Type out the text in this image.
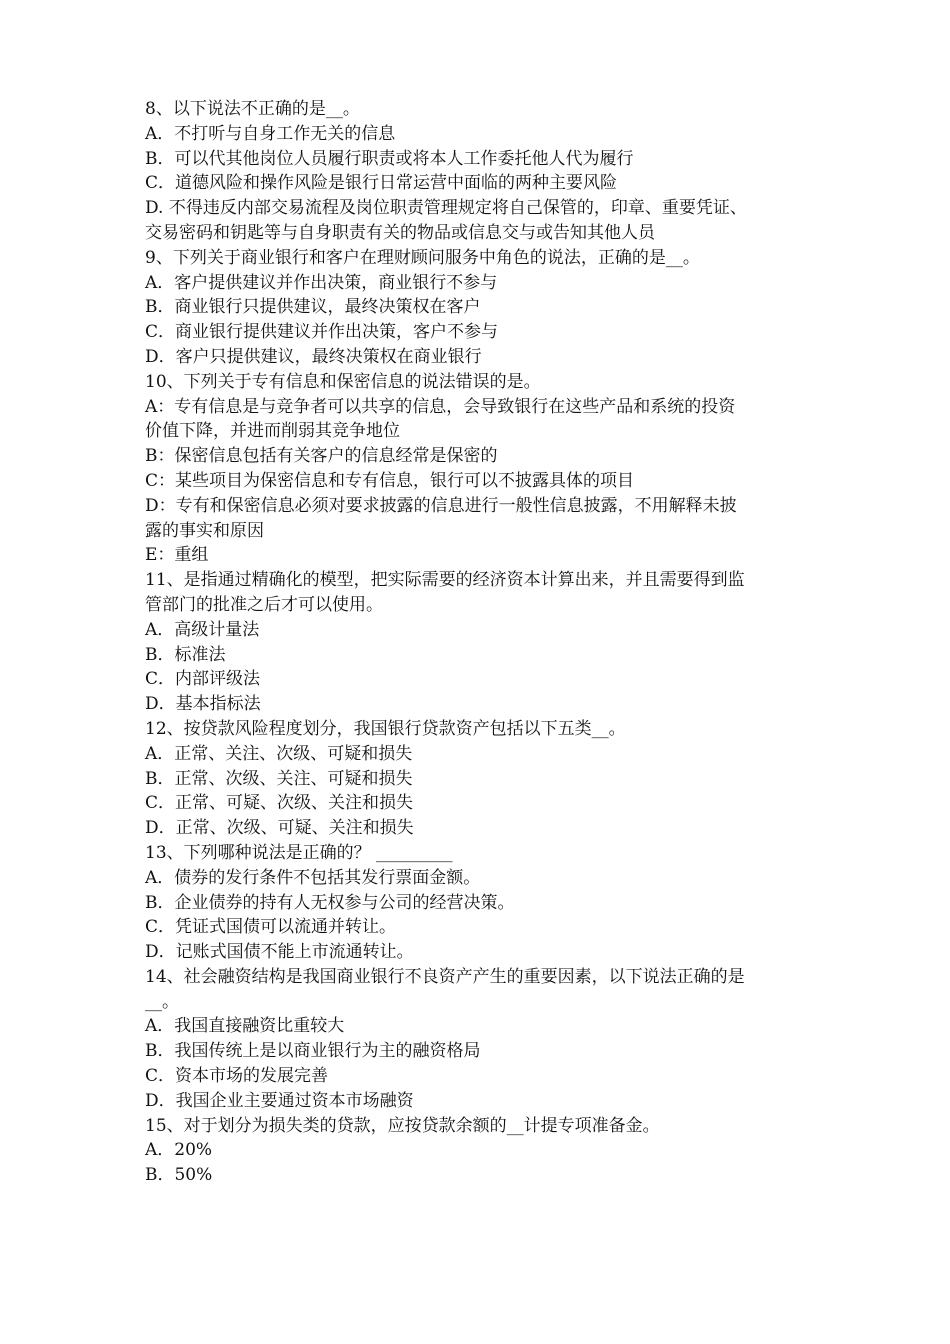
8、以下说法不正确的是__。
A．不打听与自身工作无关的信息
B．可以代其他岗位人员履行职责或将本人工作委托他人代为履行
C．道德风险和操作风险是银行日常运营中面临的两种主要风险
D. 不得违反内部交易流程及岗位职责管理规定将自己保管的，印章、重要凭证、
交易密码和钥匙等与自身职责有关的物品或信息交与或告知其他人员
9、下列关于商业银行和客户在理财顾问服务中角色的说法，正确的是__。
A．客户提供建议并作出决策，商业银行不参与
B．商业银行只提供建议，最终决策权在客户
C．商业银行提供建议并作出决策，客户不参与
D．客户只提供建议，最终决策权在商业银行
10、下列关于专有信息和保密信息的说法错误的是。
A：专有信息是与竞争者可以共享的信息，会导致银行在这些产品和系统的投资
价值下降，并进而削弱其竞争地位
B：保密信息包括有关客户的信息经常是保密的
C：某些项目为保密信息和专有信息，银行可以不披露具体的项目
D：专有和保密信息必须对要求披露的信息进行一般性信息披露，不用解释未披
露的事实和原因
E：重组
11、是指通过精确化的模型，把实际需要的经济资本计算出来，并且需要得到监
管部门的批准之后才可以使用。
A．高级计量法
B．标准法
C．内部评级法
D．基本指标法
12、按贷款风险程度划分，我国银行贷款资产包括以下五类__。
A．正常、关注、次级、可疑和损失
B．正常、次级、关注、可疑和损失
C．正常、可疑、次级、关注和损失
D．正常、次级、可疑、关注和损失
13、下列哪种说法是正确的？ _________
A．债券的发行条件不包括其发行票面金额。
B．企业债券的持有人无权参与公司的经营决策。
C．凭证式国债可以流通并转让。
D．记账式国债不能上市流通转让。
14、社会融资结构是我国商业银行不良资产产生的重要因素，以下说法正确的是
__。
A．我国直接融资比重较大
B．我国传统上是以商业银行为主的融资格局
C．资本市场的发展完善
D．我国企业主要通过资本市场融资
15、对于划分为损失类的贷款，应按贷款余额的__计提专项准备金。
A．20%
B．50%
